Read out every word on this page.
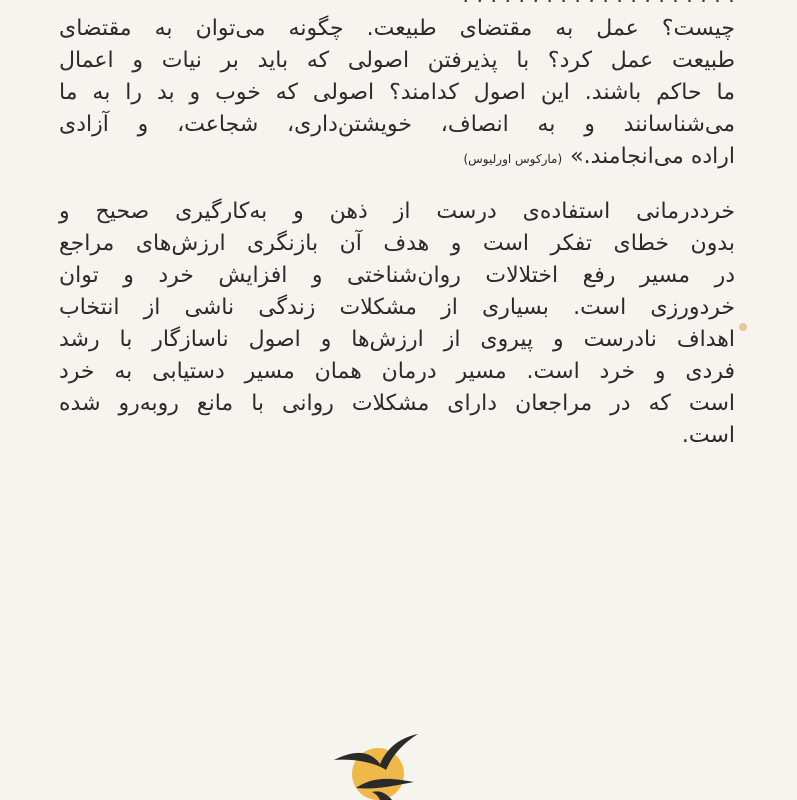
چیست؟ عمل به مقتضای طبیعت. چگونه می‌توان به مقتضای
طبیعت عمل کرد؟ با پذیرفتن اصولی که باید بر نیات و اعمال
ما حاکم باشند. این اصول کدامند؟ اصولی که خوب و بد را به ما
می‌شناسانند و به انصاف، خویشتن‌داری، شجاعت، و آزادی
اراده می‌انجامند.»(مارکوس اورلیوس)
خرددرمانی استفاده‌ی درست از ذهن و به‌کارگیری صحیح و
بدون خطای تفکر است و هدف آن بازنگری ارزش‌های مراجع
در مسیر رفع اختلالات روان‌شناختی و افزایش خرد و توان
خردورزی است. بسیاری از مشکلات زندگی ناشی از انتخاب
اهداف نادرست و پیروی از ارزش‌ها و اصول ناسازگار با رشد
فردی و خرد است. مسیر درمان همان مسیر دستیابی به خرد
است که در مراجعان دارای مشکلات روانی با مانع روبه‌رو شده
است.
